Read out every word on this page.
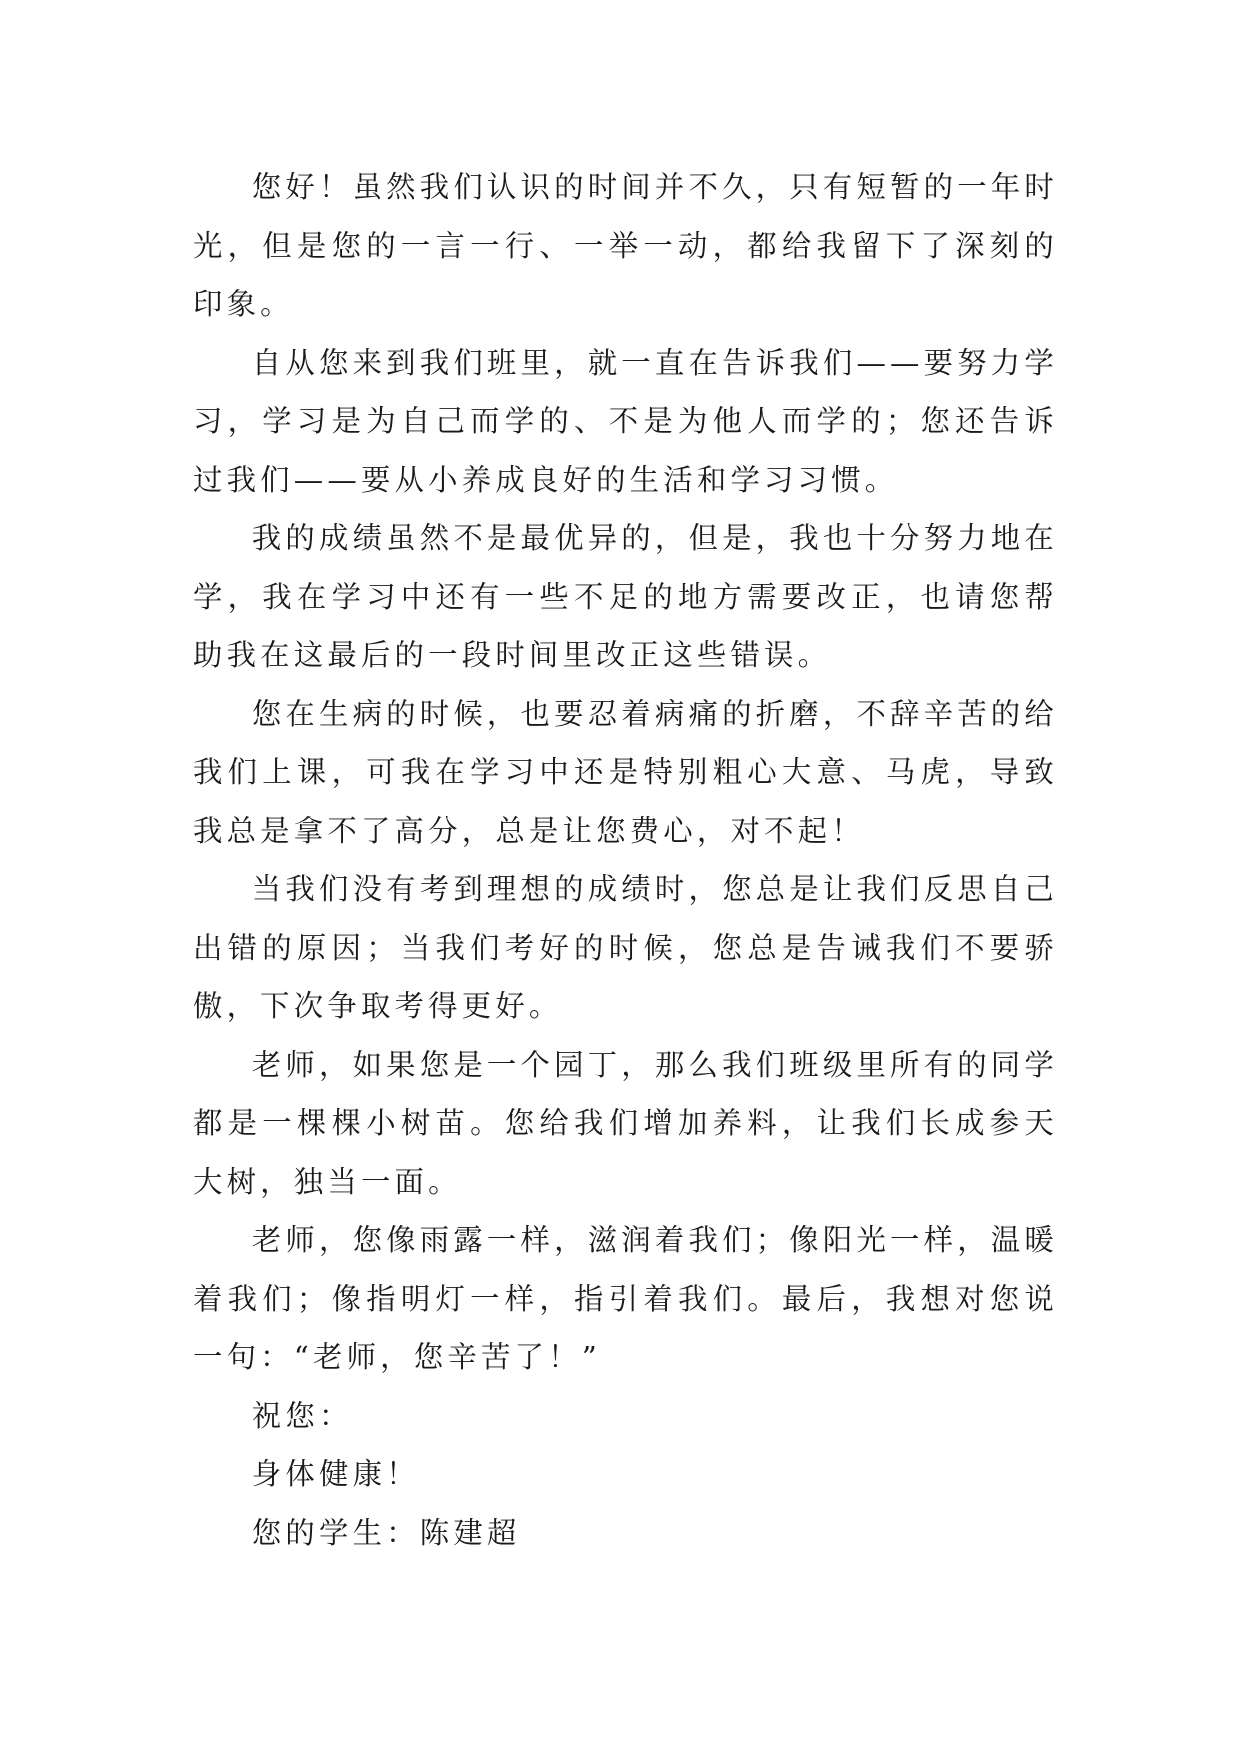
您好！虽然我们认识的时间并不久，只有短暂的一年时光，但是您的一言一行、一举一动，都给我留下了深刻的印象。

自从您来到我们班里，就一直在告诉我们——要努力学习，学习是为自己而学的、不是为他人而学的；您还告诉过我们——要从小养成良好的生活和学习习惯。

我的成绩虽然不是最优异的，但是，我也十分努力地在学，我在学习中还有一些不足的地方需要改正，也请您帮助我在这最后的一段时间里改正这些错误。

您在生病的时候，也要忍着病痛的折磨，不辞辛苦的给我们上课，可我在学习中还是特别粗心大意、马虎，导致我总是拿不了高分，总是让您费心，对不起！

当我们没有考到理想的成绩时，您总是让我们反思自己出错的原因；当我们考好的时候，您总是告诫我们不要骄傲，下次争取考得更好。

老师，如果您是一个园丁，那么我们班级里所有的同学都是一棵棵小树苗。您给我们增加养料，让我们长成参天大树，独当一面。

老师，您像雨露一样，滋润着我们；像阳光一样，温暖着我们；像指明灯一样，指引着我们。最后，我想对您说一句：“老师，您辛苦了！”

祝您：

身体健康！

您的学生：陈建超
